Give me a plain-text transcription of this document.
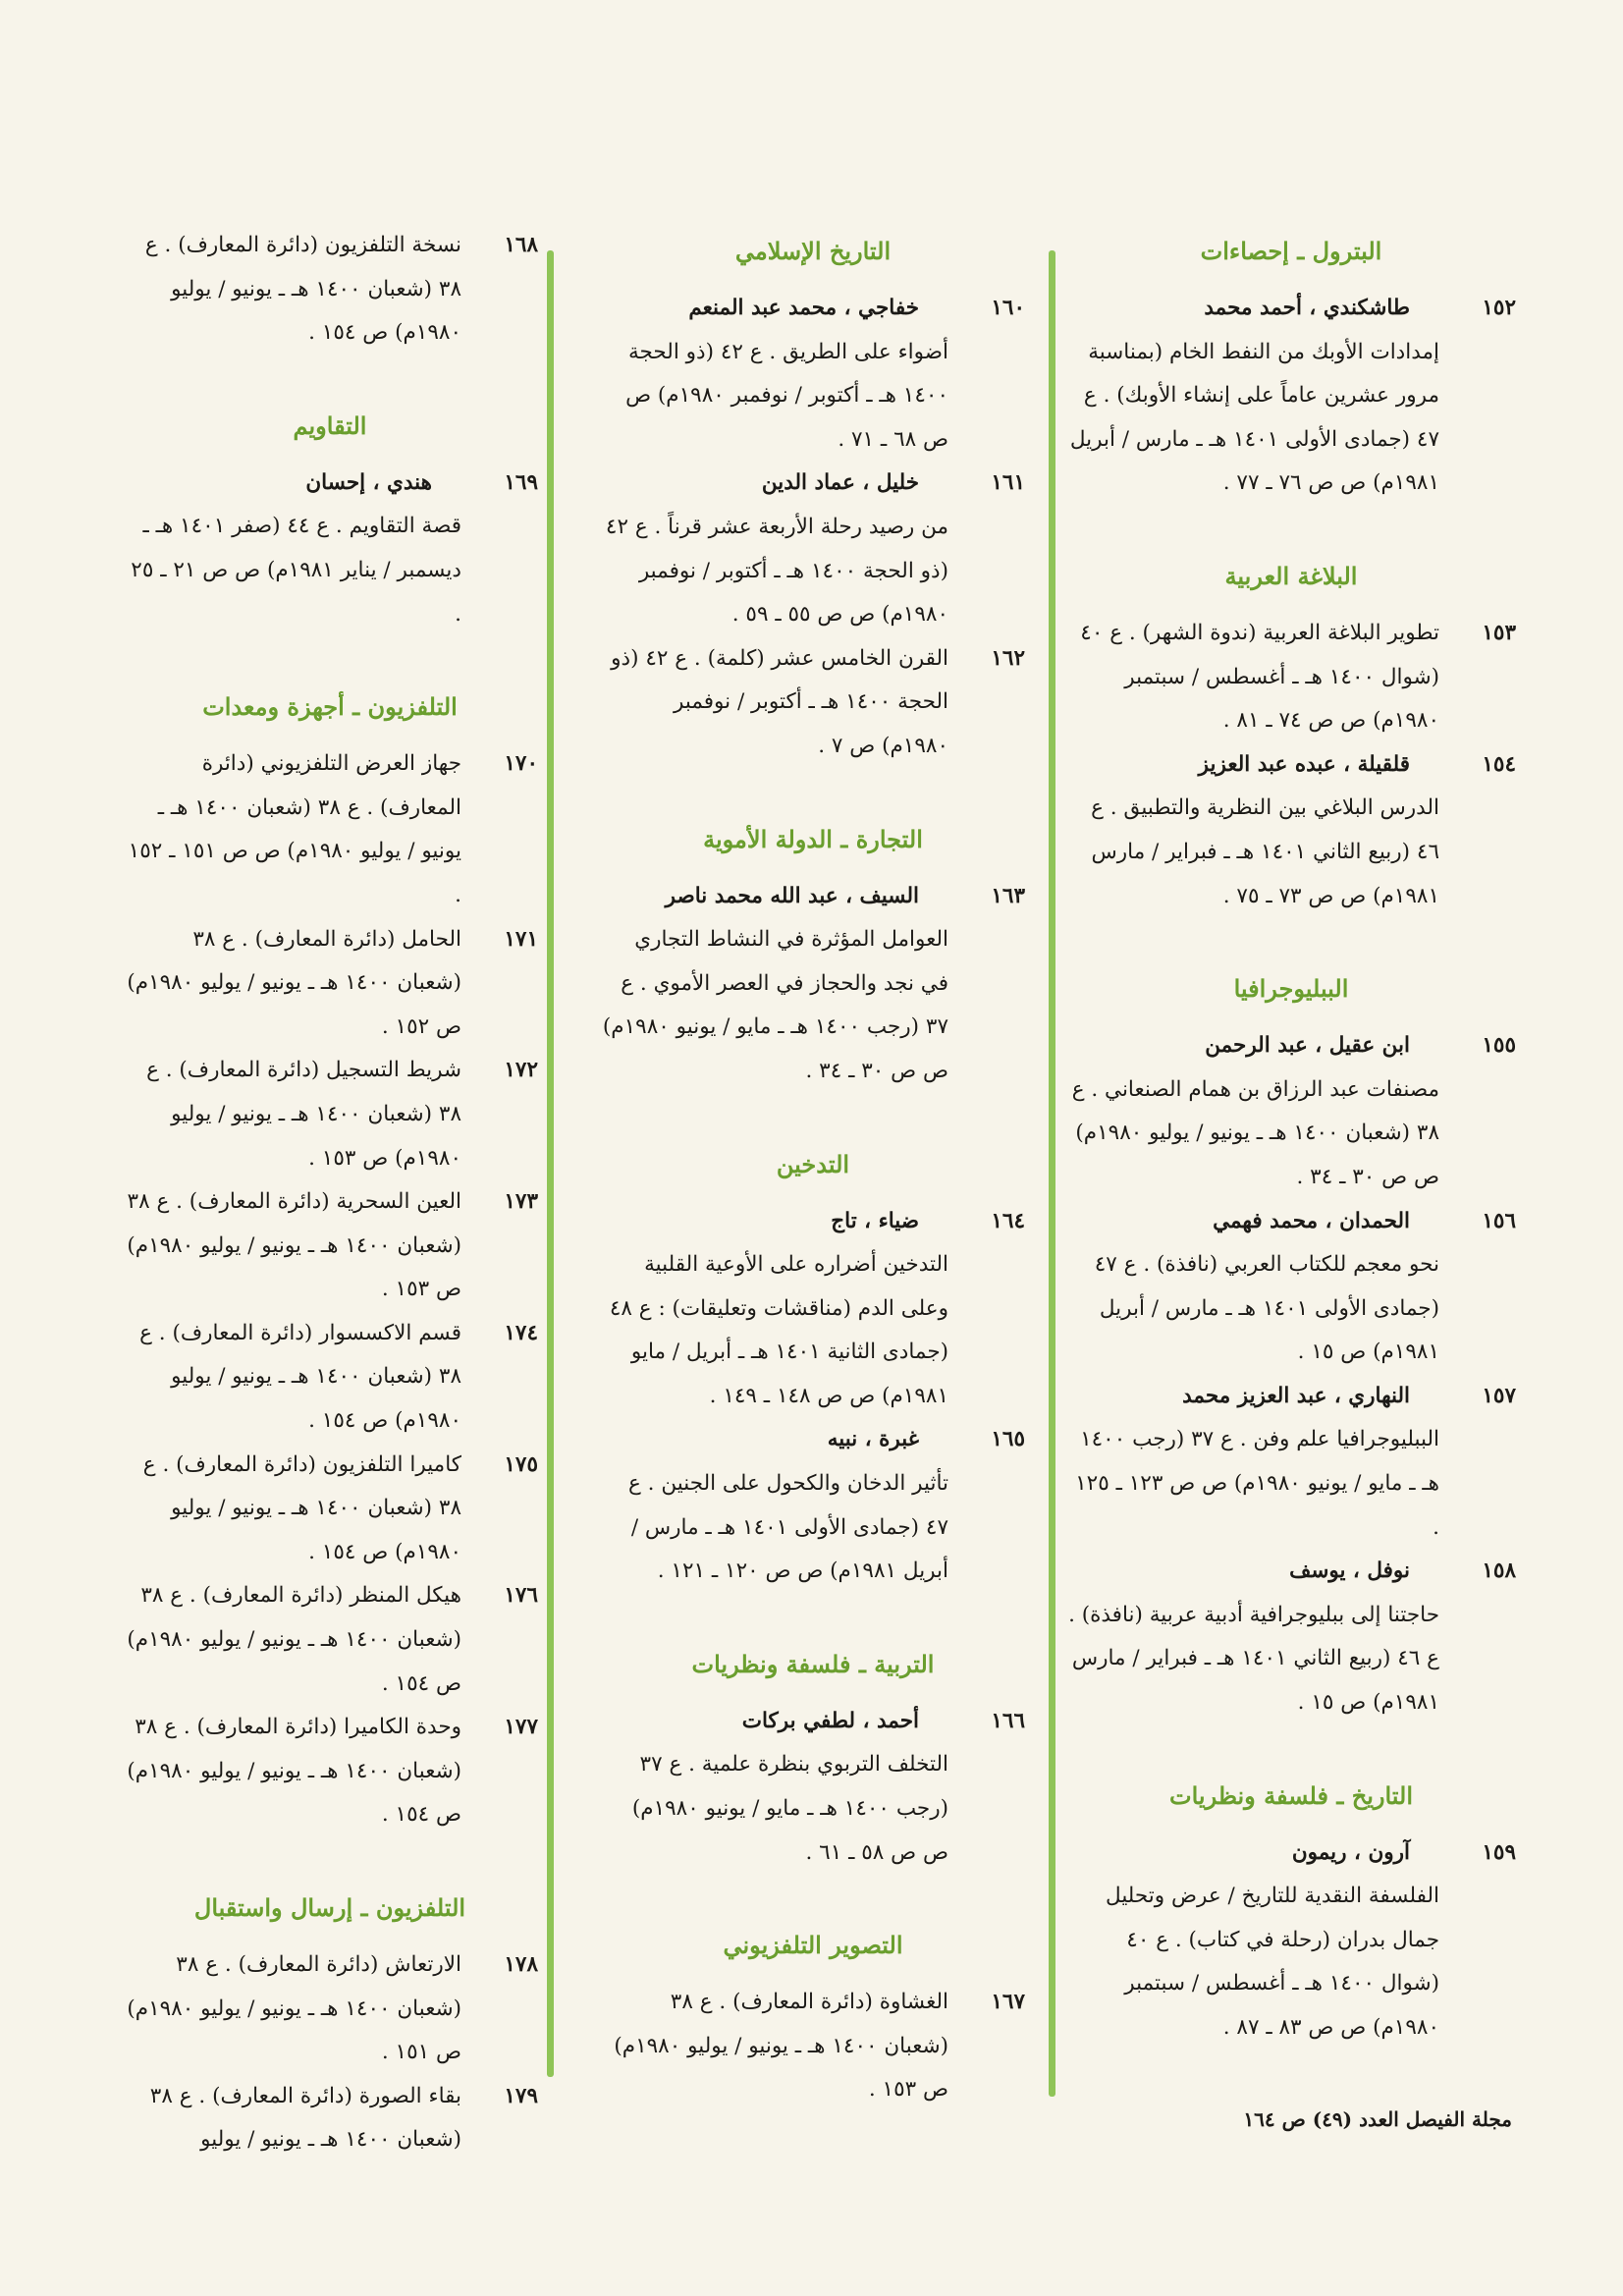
البترول ـ إحصاءات
١٥٢
طاشكندي ، أحمد محمد
إمدادات الأوبك من النفط الخام (بمناسبة مرور عشرين عاماً على إنشاء الأوبك) . ع ٤٧ (جمادى الأولى ١٤٠١ هـ ـ مارس / أبريل ١٩٨١م) ص ص ٧٦ ـ ٧٧ .
البلاغة العربية
١٥٣
تطوير البلاغة العربية (ندوة الشهر) . ع ٤٠ (شوال ١٤٠٠ هـ ـ أغسطس / سبتمبر ١٩٨٠م) ص ص ٧٤ ـ ٨١ .
١٥٤
قلقيلة ، عبده عبد العزيز
الدرس البلاغي بين النظرية والتطبيق . ع ٤٦ (ربيع الثاني ١٤٠١ هـ ـ فبراير / مارس ١٩٨١م) ص ص ٧٣ ـ ٧٥ .
الببليوجرافيا
١٥٥
ابن عقيل ، عبد الرحمن
مصنفات عبد الرزاق بن همام الصنعاني . ع ٣٨ (شعبان ١٤٠٠ هـ ـ يونيو / يوليو ١٩٨٠م) ص ص ٣٠ ـ ٣٤ .
١٥٦
الحمدان ، محمد فهمي
نحو معجم للكتاب العربي (نافذة) . ع ٤٧ (جمادى الأولى ١٤٠١ هـ ـ مارس / أبريل ١٩٨١م) ص ١٥ .
١٥٧
النهاري ، عبد العزيز محمد
الببليوجرافيا علم وفن . ع ٣٧ (رجب ١٤٠٠ هـ ـ مايو / يونيو ١٩٨٠م) ص ص ١٢٣ ـ ١٢٥ .
١٥٨
نوفل ، يوسف
حاجتنا إلى ببليوجرافية أدبية عربية (نافذة) . ع ٤٦ (ربيع الثاني ١٤٠١ هـ ـ فبراير / مارس ١٩٨١م) ص ١٥ .
التاريخ ـ فلسفة ونظريات
١٥٩
آرون ، ريمون
الفلسفة النقدية للتاريخ / عرض وتحليل جمال بدران (رحلة في كتاب) . ع ٤٠ (شوال ١٤٠٠ هـ ـ أغسطس / سبتمبر ١٩٨٠م) ص ص ٨٣ ـ ٨٧ .
التاريخ الإسلامي
١٦٠
خفاجي ، محمد عبد المنعم
أضواء على الطريق . ع ٤٢ (ذو الحجة ١٤٠٠ هـ ـ أكتوبر / نوفمبر ١٩٨٠م) ص ص ٦٨ ـ ٧١ .
١٦١
خليل ، عماد الدين
من رصيد رحلة الأربعة عشر قرناً . ع ٤٢ (ذو الحجة ١٤٠٠ هـ ـ أكتوبر / نوفمبر ١٩٨٠م) ص ص ٥٥ ـ ٥٩ .
١٦٢
القرن الخامس عشر (كلمة) . ع ٤٢ (ذو الحجة ١٤٠٠ هـ ـ أكتوبر / نوفمبر ١٩٨٠م) ص ٧ .
التجارة ـ الدولة الأموية
١٦٣
السيف ، عبد الله محمد ناصر
العوامل المؤثرة في النشاط التجاري في نجد والحجاز في العصر الأموي . ع ٣٧ (رجب ١٤٠٠ هـ ـ مايو / يونيو ١٩٨٠م) ص ص ٣٠ ـ ٣٤ .
التدخين
١٦٤
ضياء ، تاج
التدخين أضراره على الأوعية القلبية وعلى الدم (مناقشات وتعليقات) : ع ٤٨ (جمادى الثانية ١٤٠١ هـ ـ أبريل / مايو ١٩٨١م) ص ص ١٤٨ ـ ١٤٩ .
١٦٥
غبرة ، نبيه
تأثير الدخان والكحول على الجنين . ع ٤٧ (جمادى الأولى ١٤٠١ هـ ـ مارس / أبريل ١٩٨١م) ص ص ١٢٠ ـ ١٢١ .
التربية ـ فلسفة ونظريات
١٦٦
أحمد ، لطفي بركات
التخلف التربوي بنظرة علمية . ع ٣٧ (رجب ١٤٠٠ هـ ـ مايو / يونيو ١٩٨٠م) ص ص ٥٨ ـ ٦١ .
التصوير التلفزيوني
١٦٧
الغشاوة (دائرة المعارف) . ع ٣٨ (شعبان ١٤٠٠ هـ ـ يونيو / يوليو ١٩٨٠م) ص ١٥٣ .
١٦٨
نسخة التلفزيون (دائرة المعارف) . ع ٣٨ (شعبان ١٤٠٠ هـ ـ يونيو / يوليو ١٩٨٠م) ص ١٥٤ .
التقاويم
١٦٩
هندي ، إحسان
قصة التقاويم . ع ٤٤ (صفر ١٤٠١ هـ ـ ديسمبر / يناير ١٩٨١م) ص ص ٢١ ـ ٢٥ .
التلفزيون ـ أجهزة ومعدات
١٧٠
جهاز العرض التلفزيوني (دائرة المعارف) . ع ٣٨ (شعبان ١٤٠٠ هـ ـ يونيو / يوليو ١٩٨٠م) ص ص ١٥١ ـ ١٥٢ .
١٧١
الحامل (دائرة المعارف) . ع ٣٨ (شعبان ١٤٠٠ هـ ـ يونيو / يوليو ١٩٨٠م) ص ١٥٢ .
١٧٢
شريط التسجيل (دائرة المعارف) . ع ٣٨ (شعبان ١٤٠٠ هـ ـ يونيو / يوليو ١٩٨٠م) ص ١٥٣ .
١٧٣
العين السحرية (دائرة المعارف) . ع ٣٨ (شعبان ١٤٠٠ هـ ـ يونيو / يوليو ١٩٨٠م) ص ١٥٣ .
١٧٤
قسم الاكسسوار (دائرة المعارف) . ع ٣٨ (شعبان ١٤٠٠ هـ ـ يونيو / يوليو ١٩٨٠م) ص ١٥٤ .
١٧٥
كاميرا التلفزيون (دائرة المعارف) . ع ٣٨ (شعبان ١٤٠٠ هـ ـ يونيو / يوليو ١٩٨٠م) ص ١٥٤ .
١٧٦
هيكل المنظر (دائرة المعارف) . ع ٣٨ (شعبان ١٤٠٠ هـ ـ يونيو / يوليو ١٩٨٠م) ص ١٥٤ .
١٧٧
وحدة الكاميرا (دائرة المعارف) . ع ٣٨ (شعبان ١٤٠٠ هـ ـ يونيو / يوليو ١٩٨٠م) ص ١٥٤ .
التلفزيون ـ إرسال واستقبال
١٧٨
الارتعاش (دائرة المعارف) . ع ٣٨ (شعبان ١٤٠٠ هـ ـ يونيو / يوليو ١٩٨٠م) ص ١٥١ .
١٧٩
بقاء الصورة (دائرة المعارف) . ع ٣٨ (شعبان ١٤٠٠ هـ ـ يونيو / يوليو
مجلة الفيصل العدد (٤٩) ص ١٦٤
